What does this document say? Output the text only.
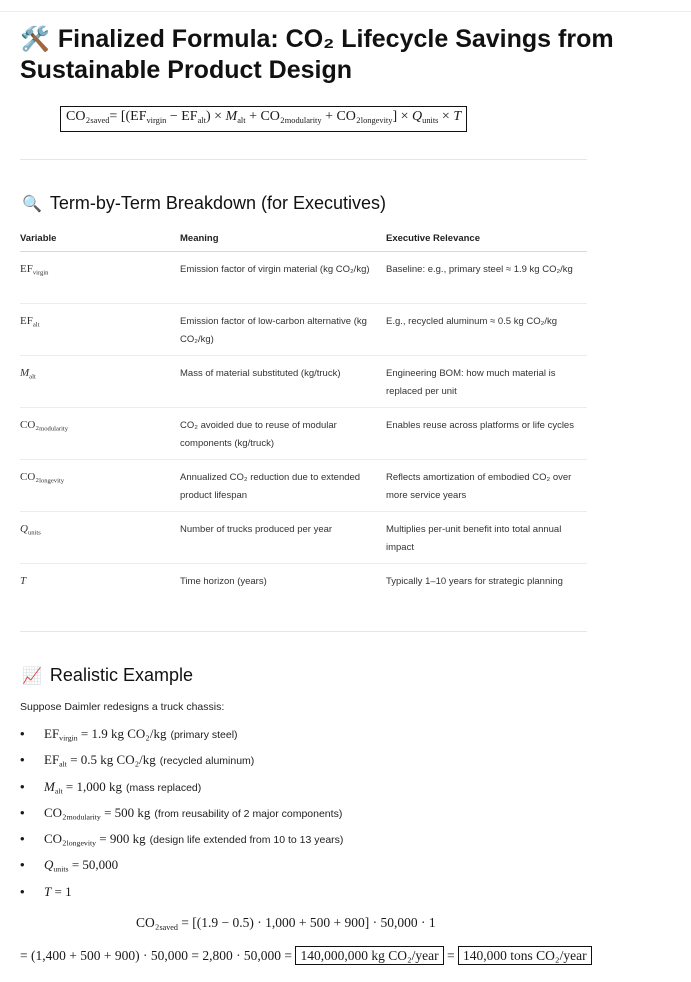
🛠️ Finalized Formula: CO₂ Lifecycle Savings from Sustainable Product Design
$CO_2_{saved}= [(EF_{virgin} - EF_{alt}) \times M_{alt} + CO_2_{modularity} + CO_2_{longevity}] \times Q_{units} \times T$
🔍 Term-by-Term Breakdown (for Executives)
Variable	Meaning	Executive Relevance
$EF_{virgin}$	Emission factor of virgin material (kg CO₂/kg)	Baseline: e.g., primary steel ≈ 1.9 kg CO₂/kg
$EF_{alt}$	Emission factor of low-carbon alternative (kg CO₂/kg)	E.g., recycled aluminum ≈ 0.5 kg CO₂/kg
$M_{alt}$	Mass of material substituted (kg/truck)	Engineering BOM: how much material is replaced per unit
$CO_2_{modularity}$	CO₂ avoided due to reuse of modular components (kg/truck)	Enables reuse across platforms or life cycles
$CO_2_{longevity}$	Annualized CO₂ reduction due to extended product lifespan	Reflects amortization of embodied CO₂ over more service years
$Q_{units}$	Number of trucks produced per year	Multiplies per-unit benefit into total annual impact
T	Time horizon (years)	Typically 1–10 years for strategic planning
📈 Realistic Example
Suppose Daimler redesigns a truck chassis:
• $EF_{virgin} = 1.9$ kg CO₂/kg (primary steel)
• $EF_{alt} = 0.5$ kg CO₂/kg (recycled aluminum)
• $M_{alt} = 1,000$ kg (mass replaced)
• $CO_2_{modularity} = 500$ kg (from reusability of 2 major components)
• $CO_2_{longevity} = 900$ kg (design life extended from 10 to 13 years)
• $Q_{units} = 50,000$
• T = 1
$CO_2_{saved} = [(1.9 - 0.5) \cdot 1,000 + 500 + 900] \cdot 50,000 \cdot 1$
= (1,400 + 500 + 900) · 50,000 = 2,800 · 50,000 = 140,000,000 kg CO₂/year = 140,000 tons CO₂/year
